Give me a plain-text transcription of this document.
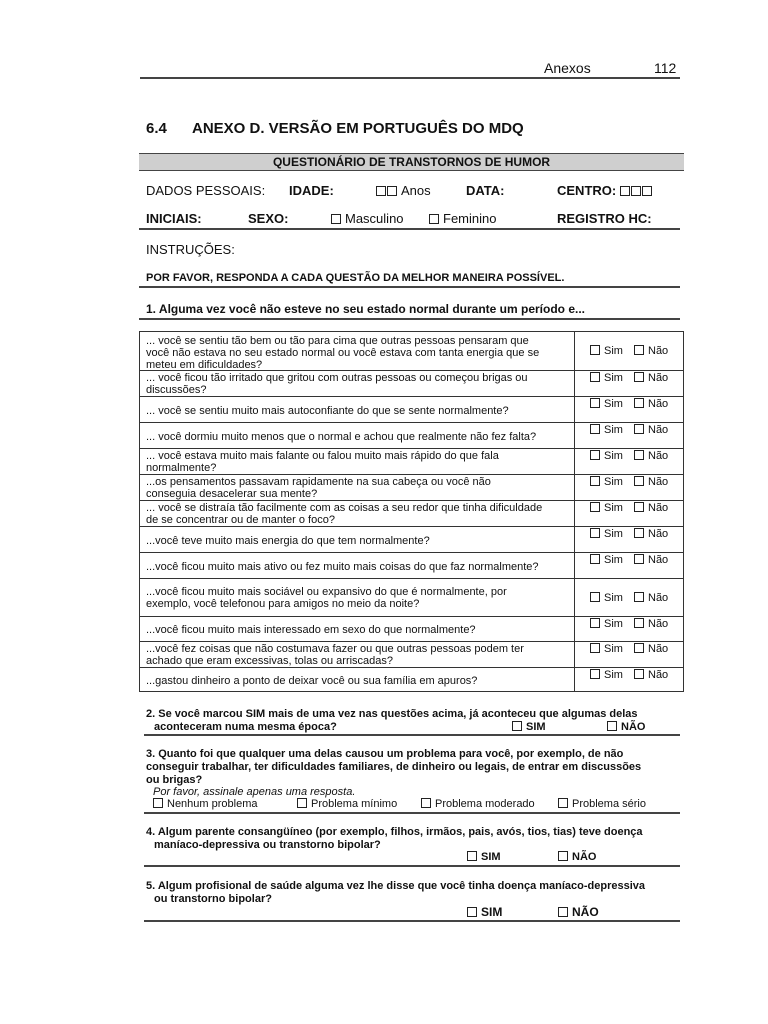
Anexos	112
6.4 ANEXO D. VERSÃO EM PORTUGUÊS DO MDQ
QUESTIONÁRIO DE TRANSTORNOS DE HUMOR
DADOS PESSOAIS: IDADE:	Anos	DATA:	CENTRO:
INICIAIS:	SEXO:	Masculino	Feminino	REGISTRO HC:
INSTRUÇÕES:
POR FAVOR, RESPONDA A CADA QUESTÃO DA MELHOR MANEIRA POSSÍVEL.
1. Alguma vez você não esteve no seu estado normal durante um período e...
... você se sentiu tão bem ou tão para cima que outras pessoas pensaram que
você não estava no seu estado normal ou você estava com tanta energia que se
meteu em dificuldades?
Sim	Não
... você ficou tão irritado que gritou com outras pessoas ou começou brigas ou
discussões?
Sim	Não
... você se sentiu muito mais autoconfiante do que se sente normalmente?
Sim	Não
... você dormiu muito menos que o normal e achou que realmente não fez falta?
Sim	Não
... você estava muito mais falante ou falou muito mais rápido do que fala
normalmente?
Sim	Não
...os pensamentos passavam rapidamente na sua cabeça ou você não
conseguia desacelerar sua mente?
Sim	Não
... você se distraía tão facilmente com as coisas a seu redor que tinha dificuldade
de se concentrar ou de manter o foco?
Sim	Não
...você teve muito mais energia do que tem normalmente?
Sim	Não
...você ficou muito mais ativo ou fez muito mais coisas do que faz normalmente?
Sim	Não
...você ficou muito mais sociável ou expansivo do que é normalmente, por
exemplo, você telefonou para amigos no meio da noite?	Sim	Não
...você ficou muito mais interessado em sexo do que normalmente?	Sim	Não
...você fez coisas que não costumava fazer ou que outras pessoas podem ter
achado que eram excessivas, tolas ou arriscadas?
Sim	Não
...gastou dinheiro a ponto de deixar você ou sua família em apuros?	Sim	Não
2. Se você marcou SIM mais de uma vez nas questões acima, já aconteceu que algumas delas
aconteceram numa mesma época?	SIM	NÃO
3. Quanto foi que qualquer uma delas causou um problema para você, por exemplo, de não
conseguir trabalhar, ter dificuldades familiares, de dinheiro ou legais, de entrar em discussões
ou brigas?
Por favor, assinale apenas uma resposta.
Nenhum problema	Problema mínimo	Problema moderado	Problema sério
4. Algum parente consangüíneo (por exemplo, filhos, irmãos, pais, avós, tios, tias) teve doença
maníaco-depressiva ou transtorno bipolar?
SIM	NÃO
5. Algum profisional de saúde alguma vez lhe disse que você tinha doença maníaco-depressiva
ou transtorno bipolar?
SIM	NÃO
